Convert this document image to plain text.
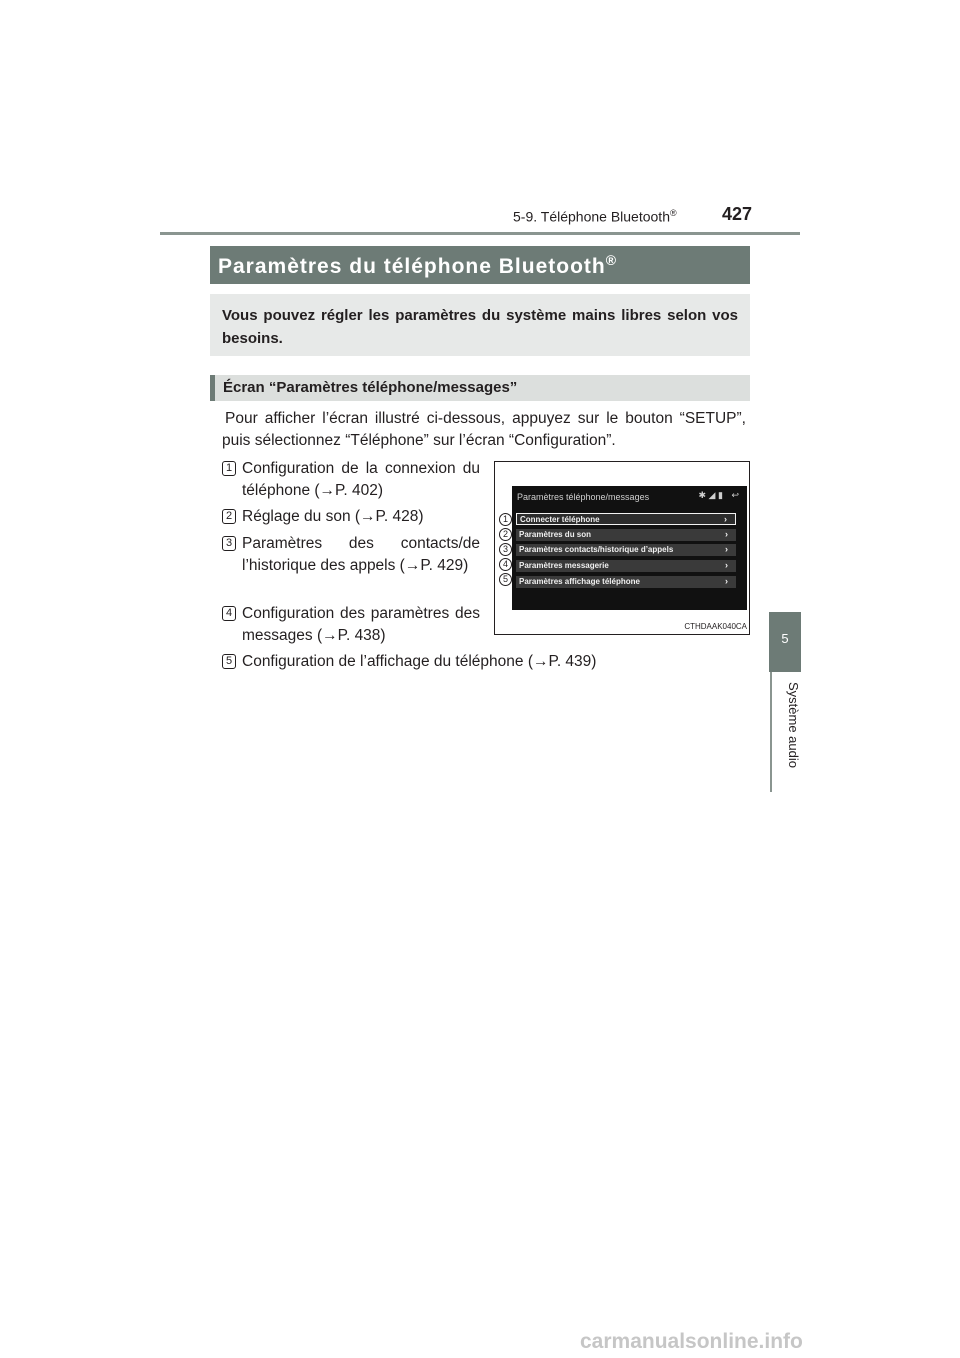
5-9. Téléphone Bluetooth®	427
5
Système audio
Paramètres du téléphone Bluetooth®
Vous pouvez régler les paramètres du système mains libres selon vos besoins.
Écran “Paramètres téléphone/messages”
Pour afficher l’écran illustré ci-dessous, appuyez sur le bouton “SETUP”, puis sélectionnez “Téléphone” sur l’écran “Configuration”.
1 Configuration de la connexion du téléphone (→P. 402)
2 Réglage du son (→P. 428)
3 Paramètres des contacts/de l’historique des appels (→P. 429)
4 Configuration des paramètres des messages (→P. 438)
5 Configuration de l’affichage du téléphone (→P. 439)
Paramètres téléphone/messages	✱ ◢ ▮ ↩
Connecter téléphone	›
Paramètres du son	›
Paramètres contacts/historique d’appels	›
Paramètres messagerie	›
Paramètres affichage téléphone	›
1
2
3
4
5
CTHDAAK040CA
carmanualsonline.info
